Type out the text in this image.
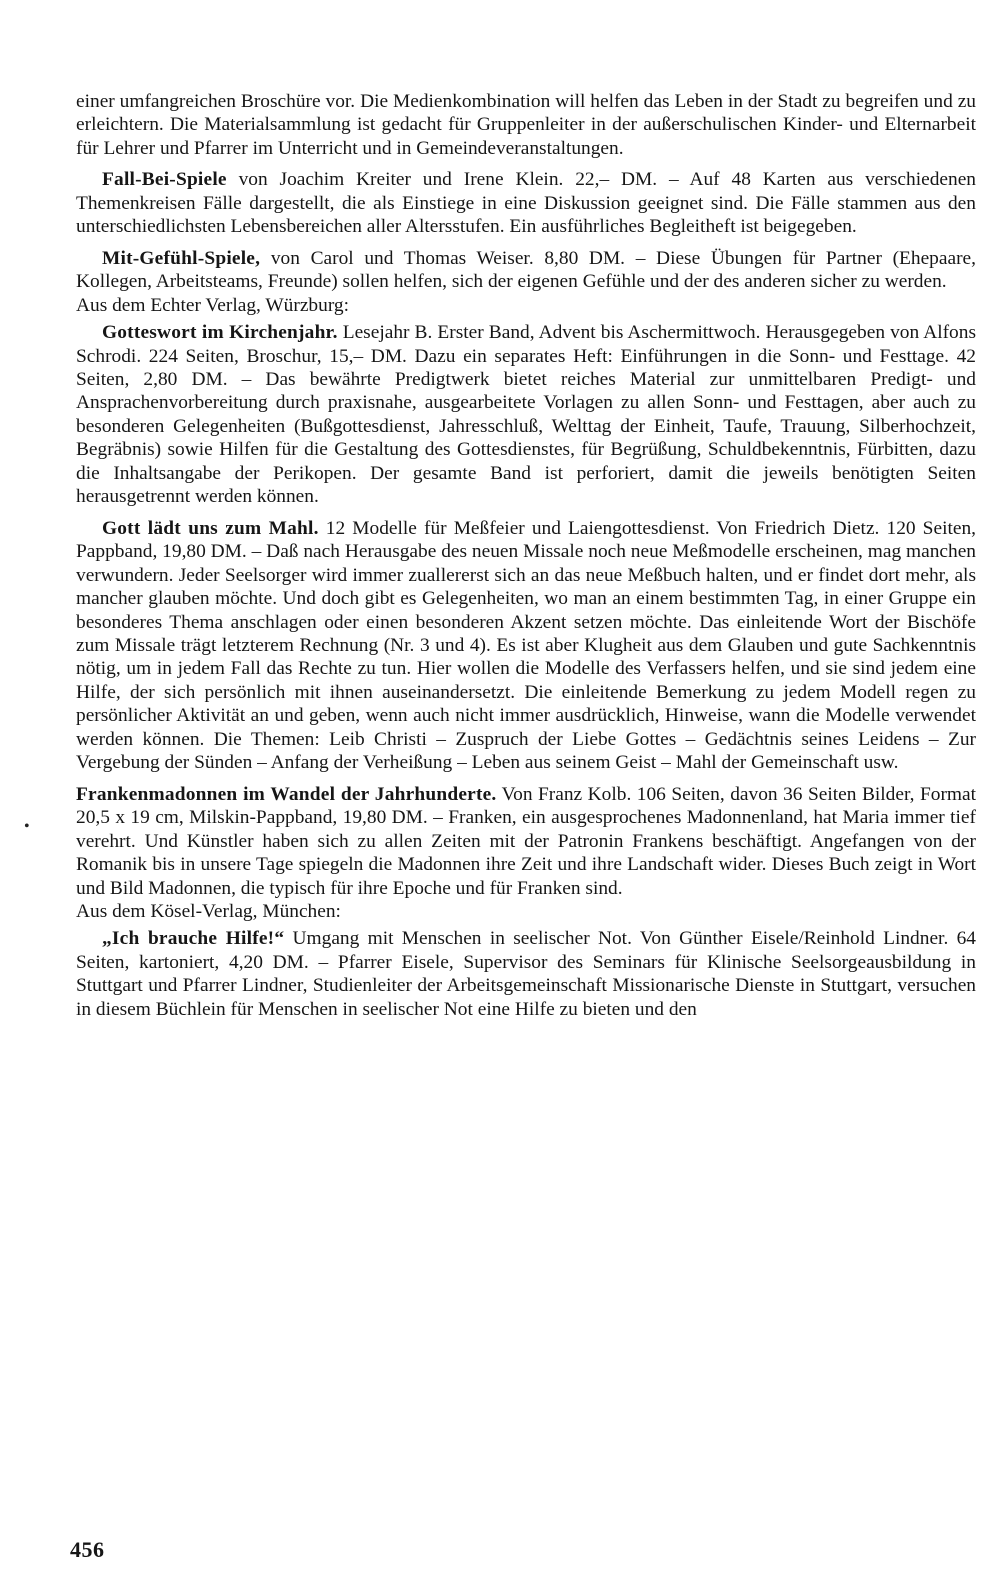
einer umfangreichen Broschüre vor. Die Medienkombination will helfen das Leben in der Stadt zu begreifen und zu erleichtern. Die Materialsammlung ist gedacht für Gruppenleiter in der außerschulischen Kinder- und Elternarbeit für Lehrer und Pfarrer im Unterricht und in Gemeindeveranstaltungen.

Fall-Bei-Spiele von Joachim Kreiter und Irene Klein. 22,– DM. – Auf 48 Karten aus verschiedenen Themenkreisen Fälle dargestellt, die als Einstiege in eine Diskussion geeignet sind. Die Fälle stammen aus den unterschiedlichsten Lebensbereichen aller Altersstufen. Ein ausführliches Begleitheft ist beigegeben.

Mit-Gefühl-Spiele, von Carol und Thomas Weiser. 8,80 DM. – Diese Übungen für Partner (Ehepaare, Kollegen, Arbeitsteams, Freunde) sollen helfen, sich der eigenen Gefühle und der des anderen sicher zu werden.

Aus dem Echter Verlag, Würzburg:

Gotteswort im Kirchenjahr. Lesejahr B. Erster Band, Advent bis Aschermittwoch. Herausgegeben von Alfons Schrodi. 224 Seiten, Broschur, 15,– DM. Dazu ein separates Heft: Einführungen in die Sonn- und Festtage. 42 Seiten, 2,80 DM. – Das bewährte Predigtwerk bietet reiches Material zur unmittelbaren Predigt- und Ansprachenvorbereitung durch praxisnahe, ausgearbeitete Vorlagen zu allen Sonn- und Festtagen, aber auch zu besonderen Gelegenheiten (Bußgottesdienst, Jahresschluß, Welttag der Einheit, Taufe, Trauung, Silberhochzeit, Begräbnis) sowie Hilfen für die Gestaltung des Gottesdienstes, für Begrüßung, Schuldbekenntnis, Fürbitten, dazu die Inhaltsangabe der Perikopen. Der gesamte Band ist perforiert, damit die jeweils benötigten Seiten herausgetrennt werden können.

Gott lädt uns zum Mahl. 12 Modelle für Meßfeier und Laiengottesdienst. Von Friedrich Dietz. 120 Seiten, Pappband, 19,80 DM. – Daß nach Herausgabe des neuen Missale noch neue Meßmodelle erscheinen, mag manchen verwundern. Jeder Seelsorger wird immer zuallererst sich an das neue Meßbuch halten, und er findet dort mehr, als mancher glauben möchte. Und doch gibt es Gelegenheiten, wo man an einem bestimmten Tag, in einer Gruppe ein besonderes Thema anschlagen oder einen besonderen Akzent setzen möchte. Das einleitende Wort der Bischöfe zum Missale trägt letzterem Rechnung (Nr. 3 und 4). Es ist aber Klugheit aus dem Glauben und gute Sachkenntnis nötig, um in jedem Fall das Rechte zu tun. Hier wollen die Modelle des Verfassers helfen, und sie sind jedem eine Hilfe, der sich persönlich mit ihnen auseinandersetzt. Die einleitende Bemerkung zu jedem Modell regen zu persönlicher Aktivität an und geben, wenn auch nicht immer ausdrücklich, Hinweise, wann die Modelle verwendet werden können. Die Themen: Leib Christi – Zuspruch der Liebe Gottes – Gedächtnis seines Leidens – Zur Vergebung der Sünden – Anfang der Verheißung – Leben aus seinem Geist – Mahl der Gemeinschaft usw.

Frankenmadonnen im Wandel der Jahrhunderte. Von Franz Kolb. 106 Seiten, davon 36 Seiten Bilder, Format 20,5 x 19 cm, Milskin-Pappband, 19,80 DM. – Franken, ein ausgesprochenes Madonnenland, hat Maria immer tief verehrt. Und Künstler haben sich zu allen Zeiten mit der Patronin Frankens beschäftigt. Angefangen von der Romanik bis in unsere Tage spiegeln die Madonnen ihre Zeit und ihre Landschaft wider. Dieses Buch zeigt in Wort und Bild Madonnen, die typisch für ihre Epoche und für Franken sind.

Aus dem Kösel-Verlag, München:

„Ich brauche Hilfe!“ Umgang mit Menschen in seelischer Not. Von Günther Eisele/Reinhold Lindner. 64 Seiten, kartoniert, 4,20 DM. – Pfarrer Eisele, Supervisor des Seminars für Klinische Seelsorgeausbildung in Stuttgart und Pfarrer Lindner, Studienleiter der Arbeitsgemeinschaft Missionarische Dienste in Stuttgart, versuchen in diesem Büchlein für Menschen in seelischer Not eine Hilfe zu bieten und den

•
456
